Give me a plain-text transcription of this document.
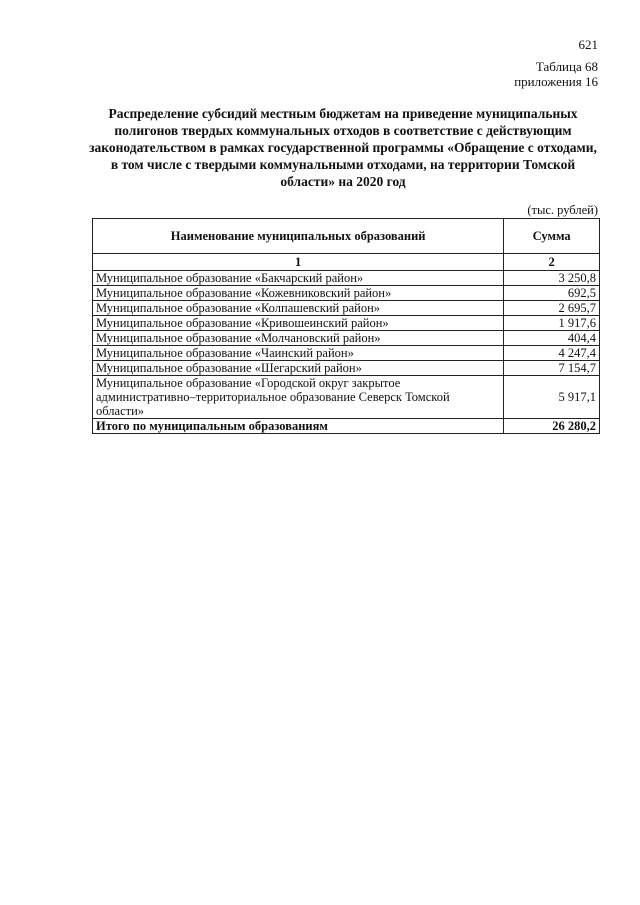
621
Таблица 68
приложения 16
Распределение субсидий местным бюджетам на приведение муниципальных полигонов твердых коммунальных отходов в соответствие с действующим законодательством в рамках государственной программы «Обращение с отходами, в том числе с твердыми коммунальными отходами, на территории Томской области» на 2020 год
(тыс. рублей)
Наименование муниципальных образований	Сумма
1	2
Муниципальное образование «Бакчарский район»	3 250,8
Муниципальное образование «Кожевниковский район»	692,5
Муниципальное образование «Колпашевский район»	2 695,7
Муниципальное образование «Кривошеинский район»	1 917,6
Муниципальное образование «Молчановский район»	404,4
Муниципальное образование «Чаинский район»	4 247,4
Муниципальное образование «Шегарский район»	7 154,7
Муниципальное образование «Городской округ закрытое административно–территориальное образование Северск Томской области»	5 917,1
Итого по муниципальным образованиям	26 280,2
